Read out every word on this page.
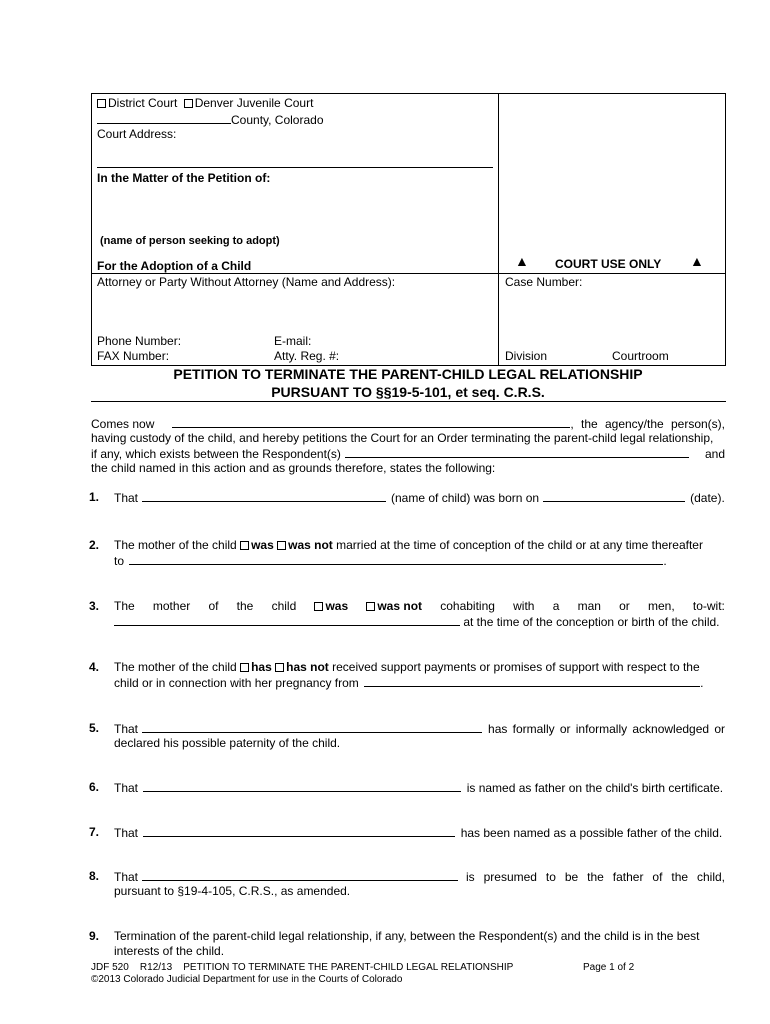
District Court Denver Juvenile Court
County, Colorado
Court Address:
In the Matter of the Petition of:
(name of person seeking to adopt)
For the Adoption of a Child	▲ COURT USE ONLY ▲
Attorney or Party Without Attorney (Name and Address):
Phone Number:	E-mail:
FAX Number:	Atty. Reg. #:
Case Number:
Division	Courtroom
PETITION TO TERMINATE THE PARENT-CHILD LEGAL RELATIONSHIP
PURSUANT TO §§19-5-101, et seq. C.R.S.
Comes now	, the agency/the person(s),
having custody of the child, and hereby petitions the Court for an Order terminating the parent-child legal relationship,
if any, which exists between the Respondent(s)	and
the child named in this action and as grounds therefore, states the following:
1. That	(name of child) was born on	(date).
2. The mother of the child was was not married at the time of conception of the child or at any time thereafter
to	.
3. The mother of the child	was	was not cohabiting with a man or men, to-wit:
at the time of the conception or birth of the child.
4. The mother of the child has has not received support payments or promises of support with respect to the
child or in connection with her pregnancy from	.
5. That	has formally or informally acknowledged or
declared his possible paternity of the child.
6. That	is named as father on the child's birth certificate.
7. That	has been named as a possible father of the child.
8. That	is presumed to be the father of the child,
pursuant to §19-4-105, C.R.S., as amended.
9. Termination of the parent-child legal relationship, if any, between the Respondent(s) and the child is in the best
interests of the child.
JDF 520    R12/13    PETITION TO TERMINATE THE PARENT-CHILD LEGAL RELATIONSHIP	Page 1 of 2
©2013 Colorado Judicial Department for use in the Courts of Colorado
